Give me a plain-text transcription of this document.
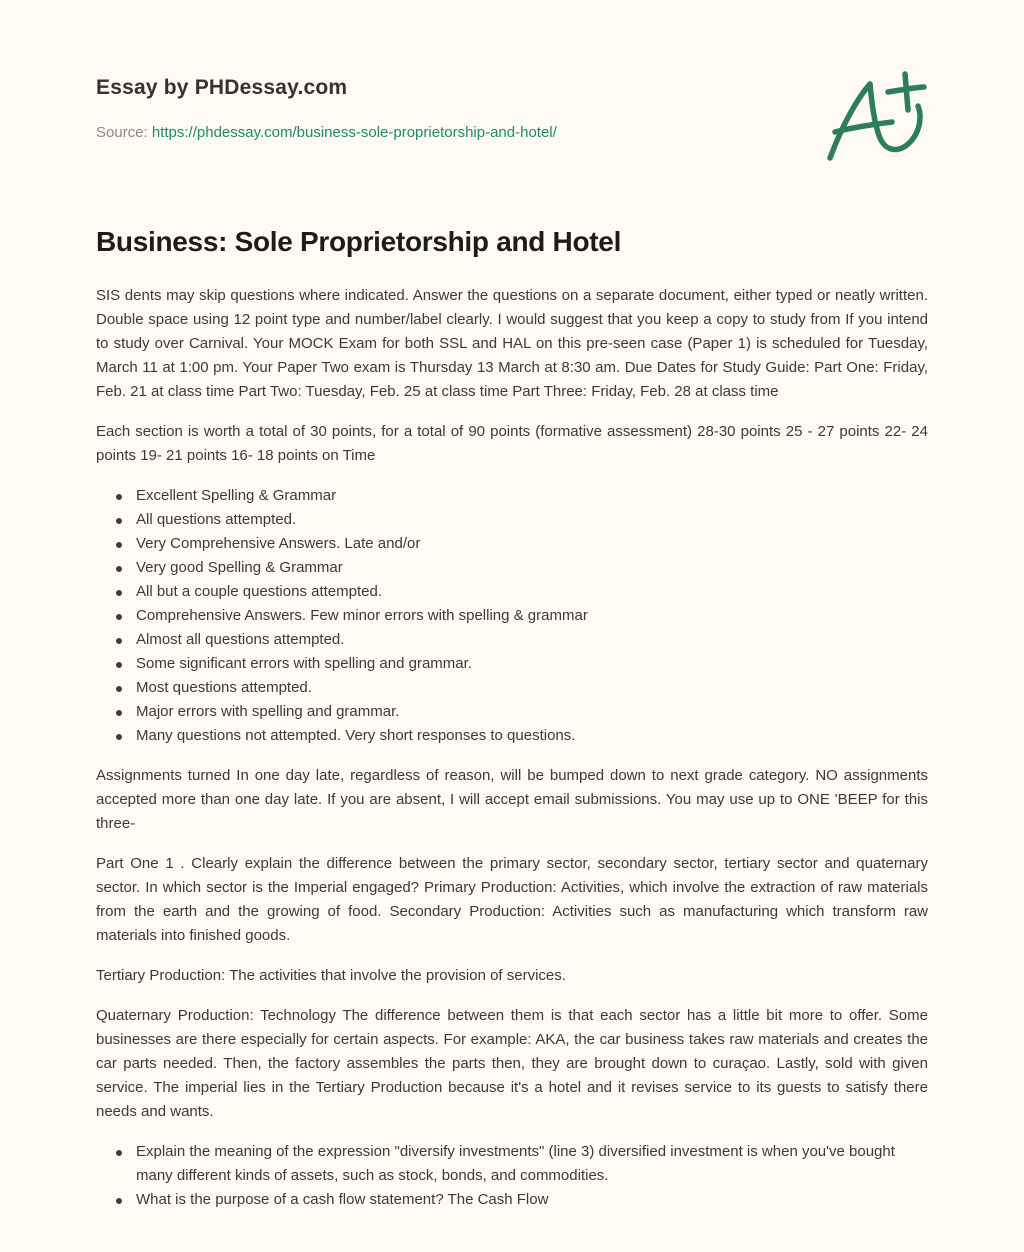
Essay by PHDessay.com
Source: https://phdessay.com/business-sole-proprietorship-and-hotel/
Business: Sole Proprietorship and Hotel

SIS dents may skip questions where indicated. Answer the questions on a separate document, either typed or neatly written. Double space using 12 point type and number/label clearly. I would suggest that you keep a copy to study from If you intend to study over Carnival. Your MOCK Exam for both SSL and HAL on this pre-seen case (Paper 1) is scheduled for Tuesday, March 11 at 1:00 pm. Your Paper Two exam is Thursday 13 March at 8:30 am. Due Dates for Study Guide: Part One: Friday, Feb. 21 at class time Part Two: Tuesday, Feb. 25 at class time Part Three: Friday, Feb. 28 at class time

Each section is worth a total of 30 points, for a total of 90 points (formative assessment) 28-30 points 25 - 27 points 22- 24 points 19- 21 points 16- 18 points on Time

Excellent Spelling & Grammar
All questions attempted.
Very Comprehensive Answers. Late and/or
Very good Spelling & Grammar
All but a couple questions attempted.
Comprehensive Answers. Few minor errors with spelling & grammar
Almost all questions attempted.
Some significant errors with spelling and grammar.
Most questions attempted.
Major errors with spelling and grammar.
Many questions not attempted. Very short responses to questions.

Assignments turned In one day late, regardless of reason, will be bumped down to next grade category. NO assignments accepted more than one day late. If you are absent, I will accept email submissions. You may use up to ONE 'BEEP for this three-

Part One 1 . Clearly explain the difference between the primary sector, secondary sector, tertiary sector and quaternary sector. In which sector is the Imperial engaged? Primary Production: Activities, which involve the extraction of raw materials from the earth and the growing of food. Secondary Production: Activities such as manufacturing which transform raw materials into finished goods.

Tertiary Production: The activities that involve the provision of services.

Quaternary Production: Technology The difference between them is that each sector has a little bit more to offer. Some businesses are there especially for certain aspects. For example: AKA, the car business takes raw materials and creates the car parts needed. Then, the factory assembles the parts then, they are brought down to curaçao. Lastly, sold with given service. The imperial lies in the Tertiary Production because it's a hotel and it revises service to its guests to satisfy there needs and wants.

Explain the meaning of the expression "diversify investments" (line 3) diversified investment is when you've bought many different kinds of assets, such as stock, bonds, and commodities.
What is the purpose of a cash flow statement? The Cash Flow
